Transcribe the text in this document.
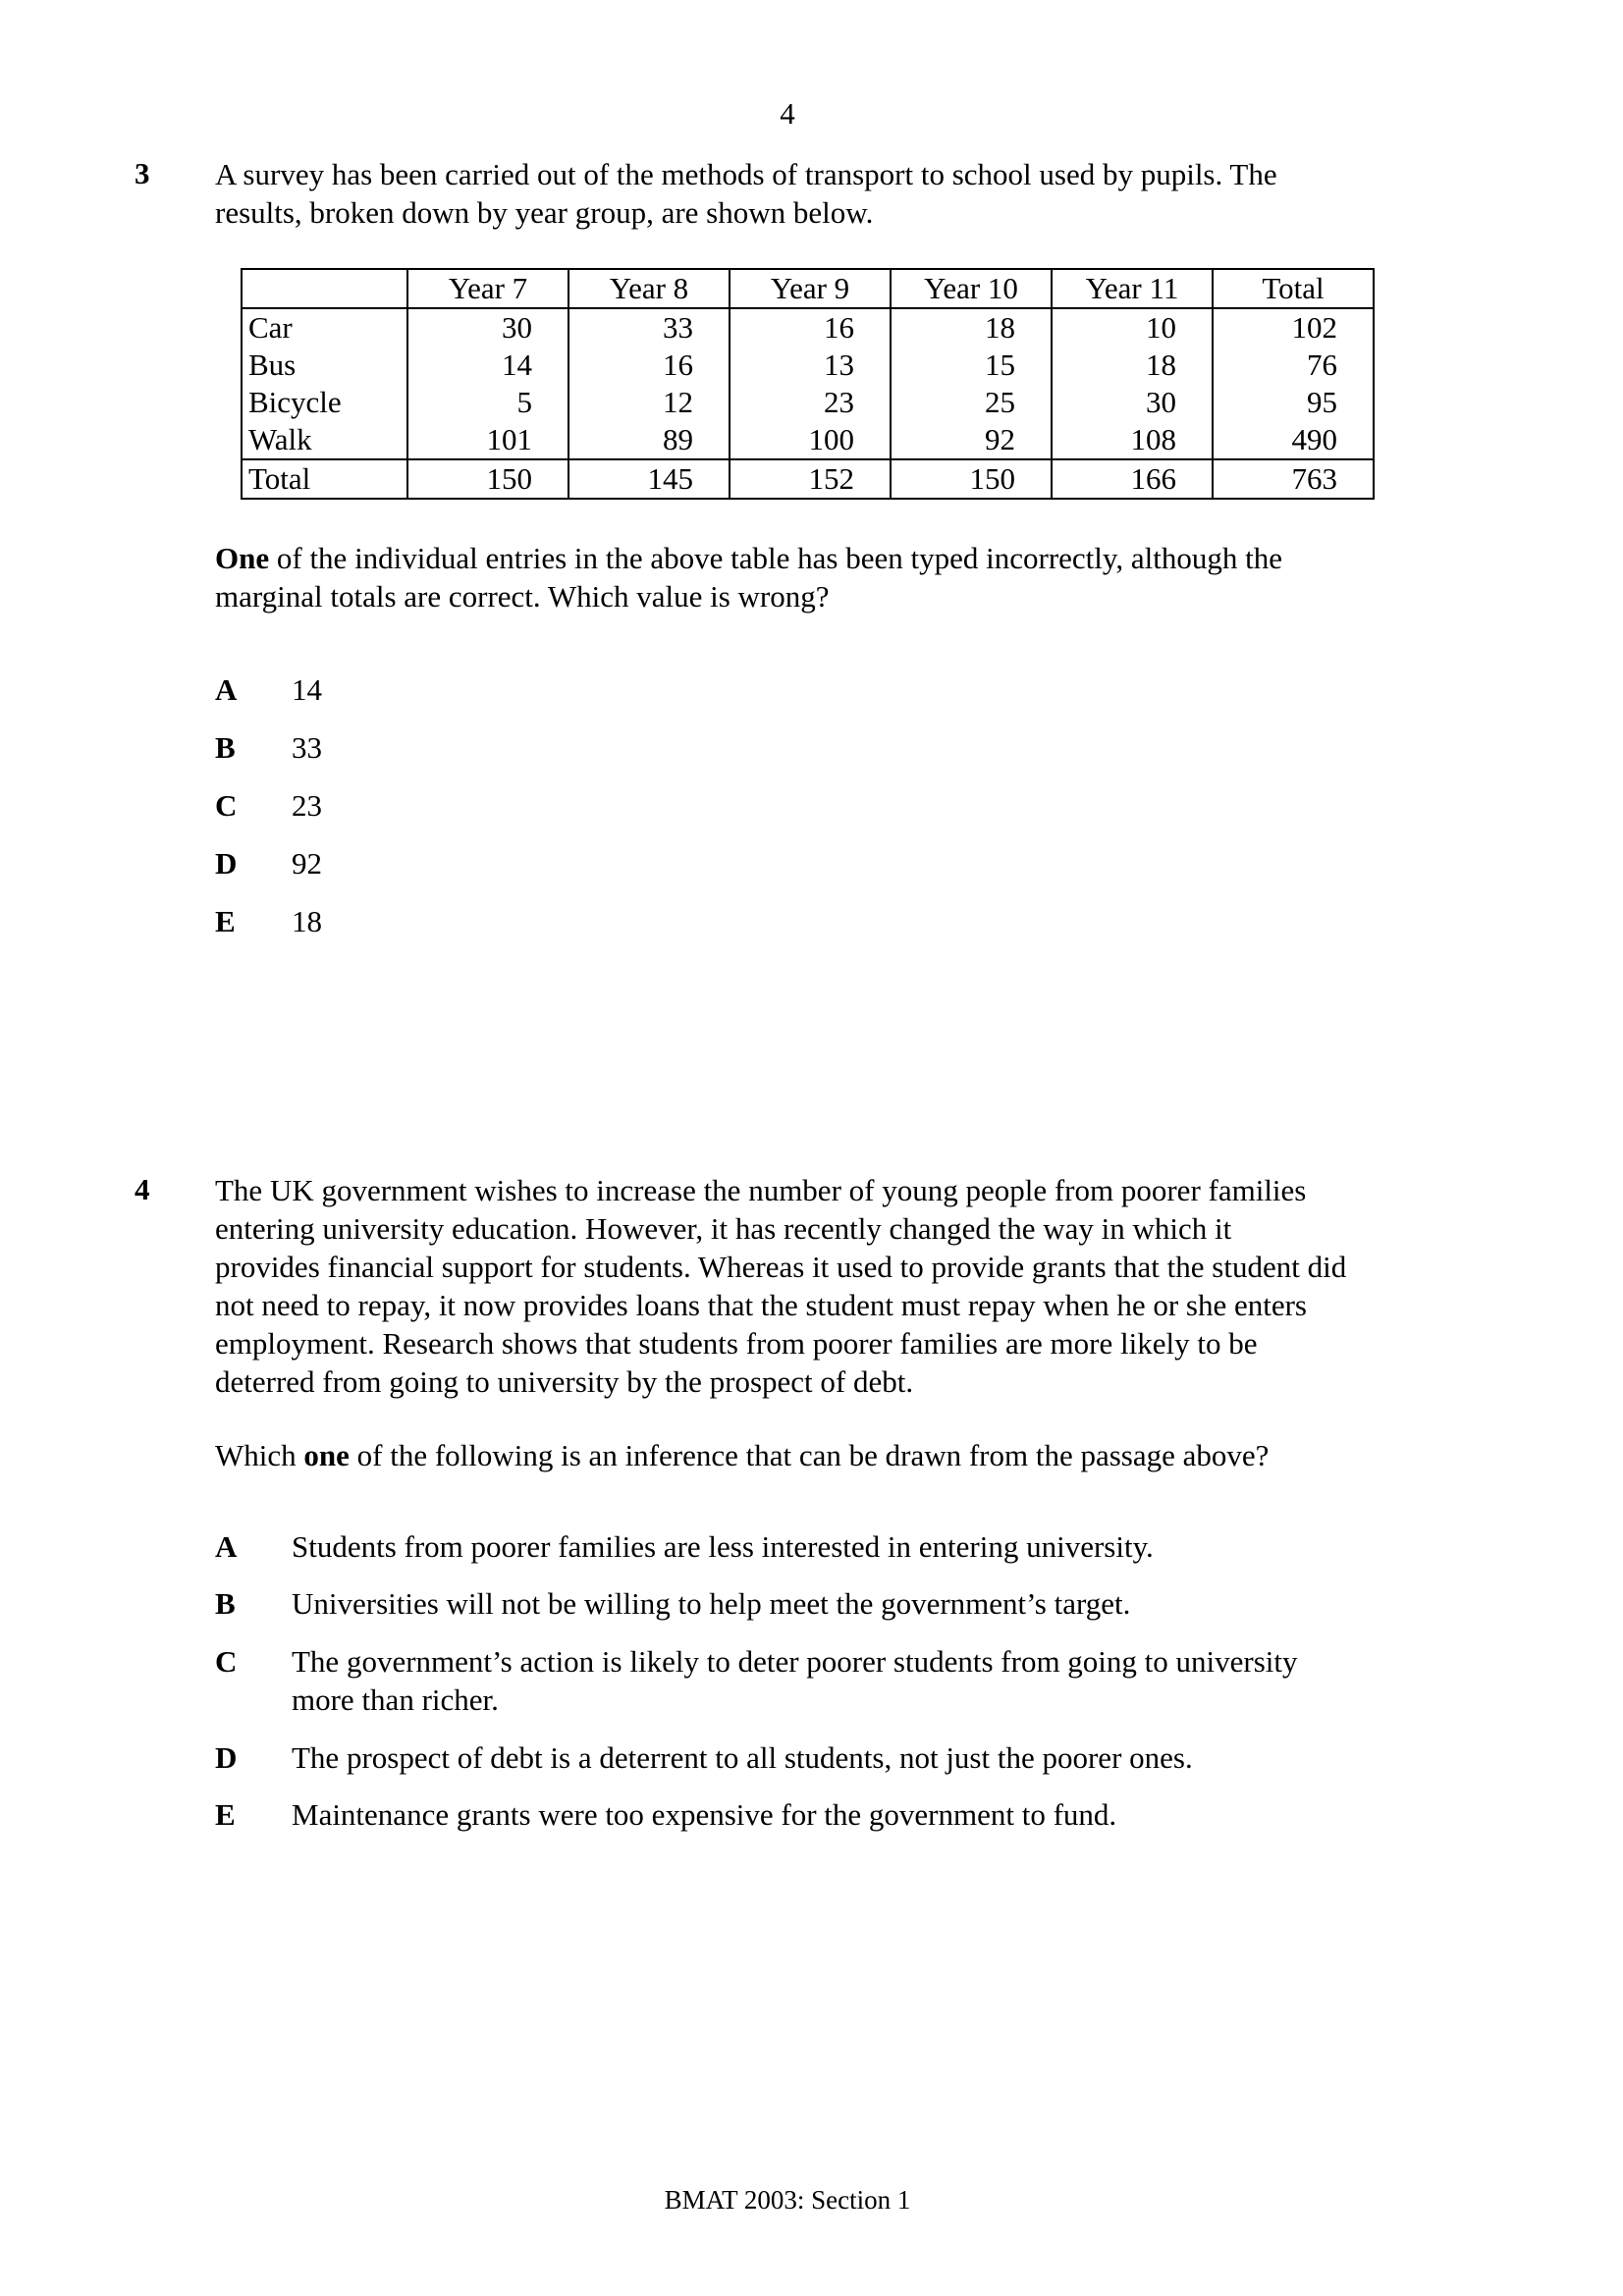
4
3 A survey has been carried out of the methods of transport to school used by pupils. The

results, broken down by year group, are shown below.

	Year 7	Year 8	Year 9	Year 10	Year 11	Total
Car	30	33	16	18	10	102
Bus	14	16	13	15	18	76
Bicycle	5	12	23	25	30	95
Walk	101	89	100	92	108	490
Total	150	145	152	150	166	763

One of the individual entries in the above table has been typed incorrectly, although the

marginal totals are correct. Which value is wrong?

A 14
B 33
C 23
D 92
E 18
4 The UK government wishes to increase the number of young people from poorer families

entering university education. However, it has recently changed the way in which it

provides financial support for students. Whereas it used to provide grants that the student did

not need to repay, it now provides loans that the student must repay when he or she enters

employment. Research shows that students from poorer families are more likely to be

deterred from going to university by the prospect of debt.

Which one of the following is an inference that can be drawn from the passage above?

A Students from poorer families are less interested in entering university.
B Universities will not be willing to help meet the government’s target.
C The government’s action is likely to deter poorer students from going to university
more than richer.
D The prospect of debt is a deterrent to all students, not just the poorer ones.
E Maintenance grants were too expensive for the government to fund.
BMAT 2003: Section 1
